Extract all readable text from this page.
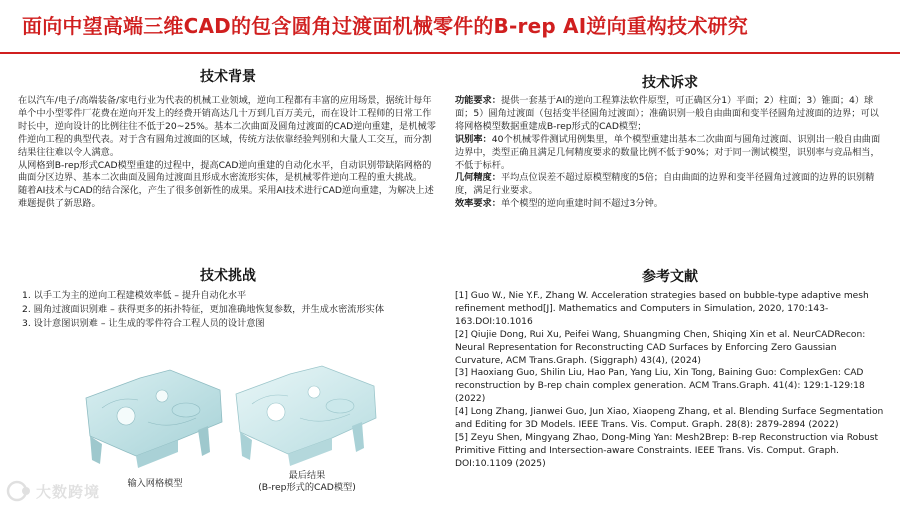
面向中望高端三维CAD的包含圆角过渡面机械零件的B-rep AI逆向重构技术研究
技术背景

在以汽车/电子/高端装备/家电行业为代表的机械工业领域，逆向工程都有丰富的应用场景，据统计每年单个中小型零件厂花费在逆向开发上的经费开销高达几十万到几百万美元，而在设计工程师的日常工作时长中，逆向设计的比例往往不低于20~25%。基本二次曲面及圆角过渡面的CAD逆向重建，是机械零件逆向工程的典型代表。对于含有圆角过渡面的区域，传统方法依靠经验判别和大量人工交互，而分割结果往往难以令人满意。

从网格到B-rep形式CAD模型重建的过程中，提高CAD逆向重建的自动化水平，自动识别带缺陷网格的曲面分区边界、基本二次曲面及圆角过渡面且形成水密流形实体，是机械零件逆向工程的重大挑战。

随着AI技术与CAD的结合深化，产生了很多创新性的成果。采用AI技术进行CAD逆向重建，为解决上述难题提供了新思路。

技术诉求

功能要求：提供一套基于AI的逆向工程算法软件原型，可正确区分1）平面；2）柱面；3）锥面；4）球面；5）圆角过渡面（包括变半径圆角过渡面）；准确识别一般自由曲面和变半径圆角过渡面的边界；可以将网格模型数据重建成B-rep形式的CAD模型；

识别率：40个机械零件测试用例集里，单个模型重建出基本二次曲面与圆角过渡面、识别出一般自由曲面边界中，类型正确且满足几何精度要求的数量比例不低于90%；对于同一测试模型，识别率与竞品相当，不低于标杆。

几何精度：平均点位误差不超过原模型精度的5倍；自由曲面的边界和变半径圆角过渡面的边界的识别精度，满足行业要求。

效率要求：单个模型的逆向重建时间不超过3分钟。

技术挑战
1. 以手工为主的逆向工程建模效率低 – 提升自动化水平
2. 圆角过渡面识别难 – 获得更多的拓扑特征，更加准确地恢复参数，并生成水密流形实体
3. 设计意图识别难 – 让生成的零件符合工程人员的设计意图
输入网格模型
最后结果
(B-rep形式的CAD模型)
参考文献

[1] Guo W., Nie Y.F., Zhang W. Acceleration strategies based on bubble-type adaptive mesh refinement method[J]. Mathematics and Computers in Simulation, 2020, 170:143-163.DOI:10.1016

[2] Qiujie Dong, Rui Xu, Peifei Wang, Shuangming Chen, Shiqing Xin et al. NeurCADRecon: Neural Representation for Reconstructing CAD Surfaces by Enforcing Zero Gaussian Curvature, ACM Trans.Graph. (Siggraph) 43(4), (2024)

[3] Haoxiang Guo, Shilin Liu, Hao Pan, Yang Liu, Xin Tong, Baining Guo: ComplexGen: CAD reconstruction by B-rep chain complex generation. ACM Trans.Graph. 41(4): 129:1-129:18 (2022)

[4] Long Zhang, Jianwei Guo, Jun Xiao, Xiaopeng Zhang, et al. Blending Surface Segmentation and Editing for 3D Models. IEEE Trans. Vis. Comput. Graph. 28(8): 2879-2894 (2022)

[5] Zeyu Shen, Mingyang Zhao, Dong-Ming Yan: Mesh2Brep: B-rep Reconstruction via Robust Primitive Fitting and Intersection-aware Constraints. IEEE Trans. Vis. Comput. Graph. DOI:10.1109 (2025)

大数跨境
